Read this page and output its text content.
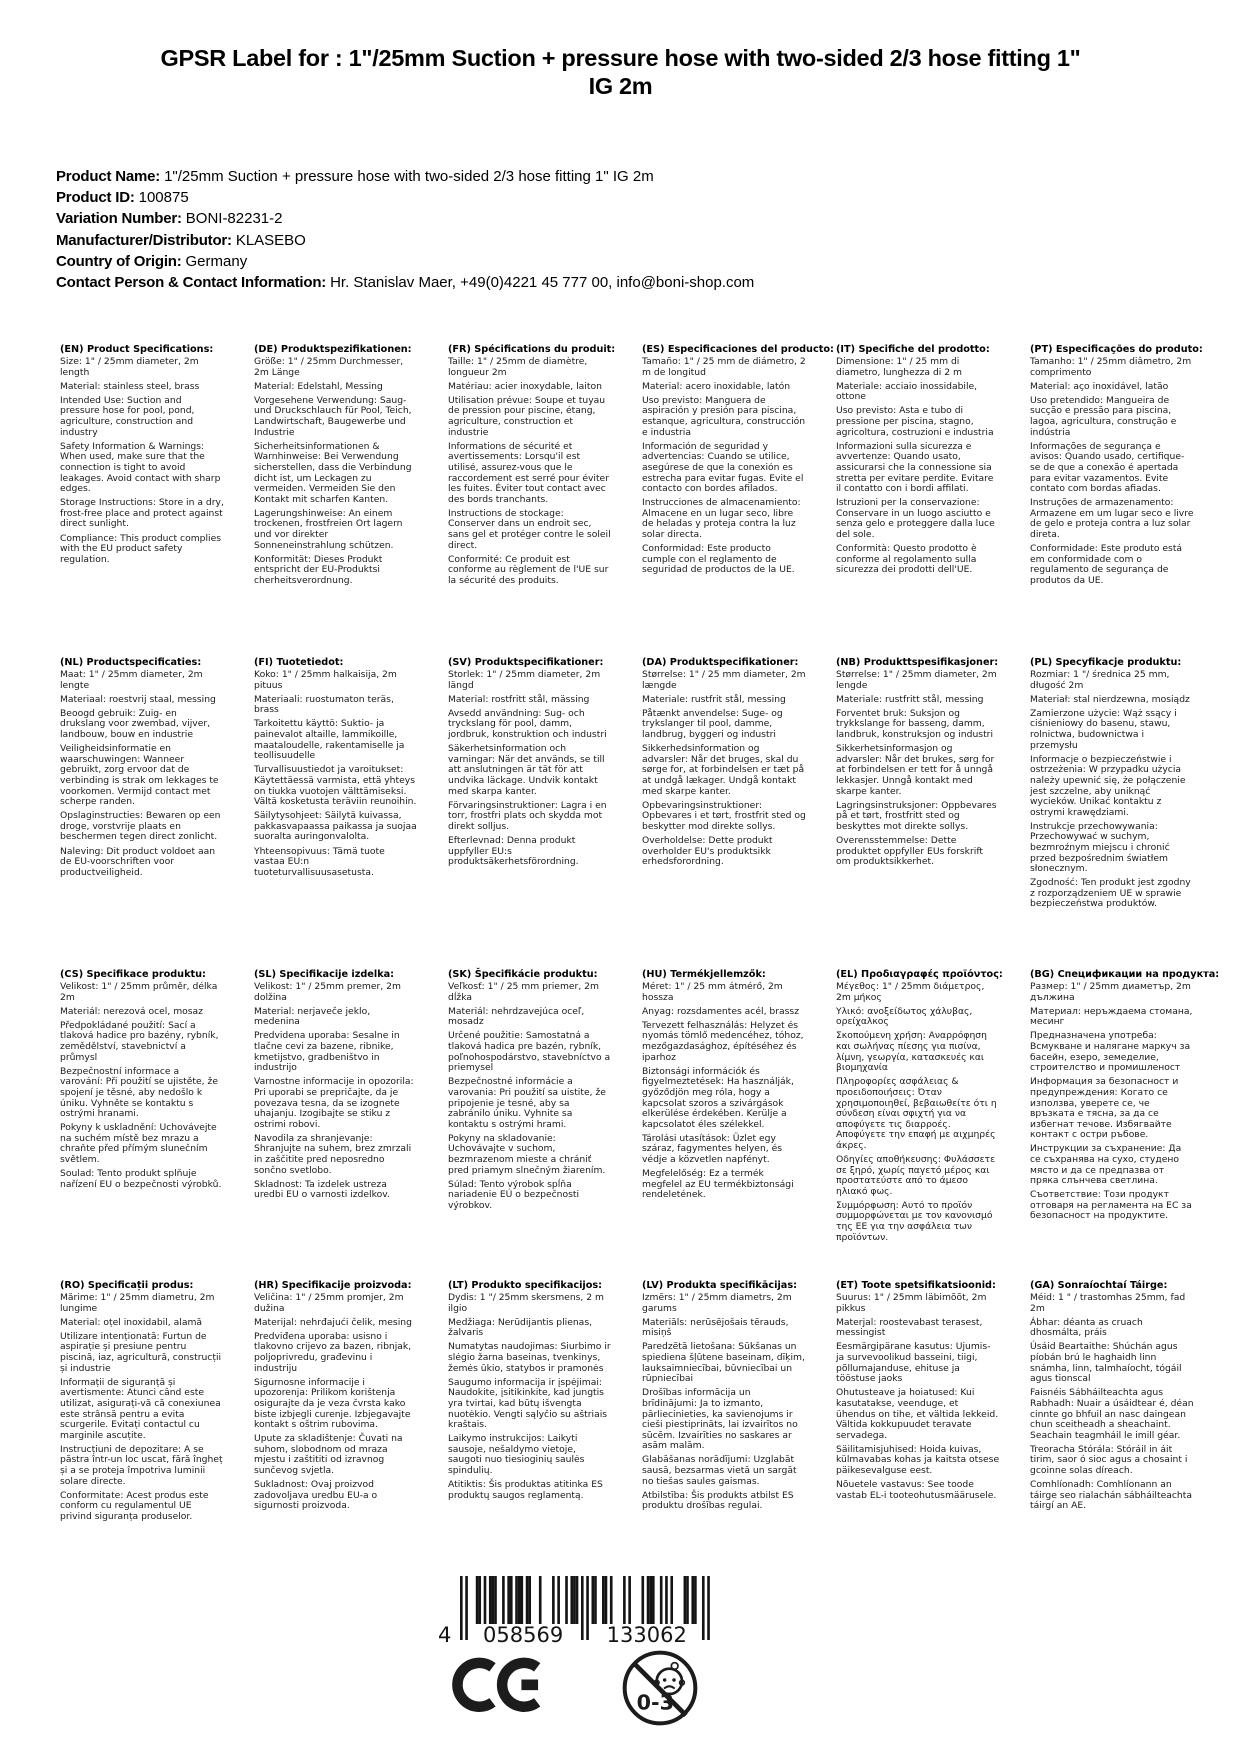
GPSR Label for : 1"/25mm Suction + pressure hose with two-sided 2/3 hose fitting 1" IG 2m
Product Name: 1"/25mm Suction + pressure hose with two-sided 2/3 hose fitting 1" IG 2m
Product ID: 100875
Variation Number: BONI-82231-2
Manufacturer/Distributor: KLASEBO
Country of Origin: Germany
Contact Person & Contact Information: Hr. Stanislav Maer, +49(0)4221 45 777 00, info@boni-shop.com
(EN) Product Specifications:

Size: 1" / 25mm diameter, 2m length

Material: stainless steel, brass

Intended Use: Suction and pressure hose for pool, pond, agriculture, construction and industry

Safety Information & Warnings: When used, make sure that the connection is tight to avoid leakages. Avoid contact with sharp edges.

Storage Instructions: Store in a dry, frost-free place and protect against direct sunlight.

Compliance: This product complies with the EU product safety regulation.

(DE) Produktspezifikationen:

Größe: 1" / 25mm Durchmesser, 2m Länge

Material: Edelstahl, Messing

Vorgesehene Verwendung: Saug- und Druckschlauch für Pool, Teich, Landwirtschaft, Baugewerbe und Industrie

Sicherheitsinformationen & Warnhinweise: Bei Verwendung sicherstellen, dass die Verbindung dicht ist, um Leckagen zu vermeiden. Vermeiden Sie den Kontakt mit scharfen Kanten.

Lagerungshinweise: An einem trockenen, frostfreien Ort lagern und vor direkter Sonneneinstrahlung schützen.

Konformität: Dieses Produkt entspricht der EU-Produktsi cherheitsverordnung.

(FR) Spécifications du produit:

Taille: 1" / 25mm de diamètre, longueur 2m

Matériau: acier inoxydable, laiton

Utilisation prévue: Soupe et tuyau de pression pour piscine, étang, agriculture, construction et industrie

Informations de sécurité et avertissements: Lorsqu'il est utilisé, assurez-vous que le raccordement est serré pour éviter les fuites. Éviter tout contact avec des bords tranchants.

Instructions de stockage: Conserver dans un endroit sec, sans gel et protéger contre le soleil direct.

Conformité: Ce produit est conforme au règlement de l'UE sur la sécurité des produits.

(ES) Especificaciones del producto:

Tamaño: 1" / 25 mm de diámetro, 2 m de longitud

Material: acero inoxidable, latón

Uso previsto: Manguera de aspiración y presión para piscina, estanque, agricultura, construcción e industria

Información de seguridad y advertencias: Cuando se utilice, asegúrese de que la conexión es estrecha para evitar fugas. Evite el contacto con bordes afilados.

Instrucciones de almacenamiento: Almacene en un lugar seco, libre de heladas y proteja contra la luz solar directa.

Conformidad: Este producto cumple con el reglamento de seguridad de productos de la UE.

(IT) Specifiche del prodotto:

Dimensione: 1" / 25 mm di diametro, lunghezza di 2 m

Materiale: acciaio inossidabile, ottone

Uso previsto: Asta e tubo di pressione per piscina, stagno, agricoltura, costruzioni e industria

Informazioni sulla sicurezza e avvertenze: Quando usato, assicurarsi che la connessione sia stretta per evitare perdite. Evitare il contatto con i bordi affilati.

Istruzioni per la conservazione: Conservare in un luogo asciutto e senza gelo e proteggere dalla luce del sole.

Conformità: Questo prodotto è conforme al regolamento sulla sicurezza dei prodotti dell'UE.

(PT) Especificações do produto:

Tamanho: 1" / 25mm diâmetro, 2m comprimento

Material: aço inoxidável, latão

Uso pretendido: Mangueira de sucção e pressão para piscina, lagoa, agricultura, construção e indústria

Informações de segurança e avisos: Quando usado, certifique-se de que a conexão é apertada para evitar vazamentos. Evite contato com bordas afiadas.

Instruções de armazenamento: Armazene em um lugar seco e livre de gelo e proteja contra a luz solar direta.

Conformidade: Este produto está em conformidade com o regulamento de segurança de produtos da UE.

(NL) Productspecificaties:

Maat: 1" / 25mm diameter, 2m lengte

Materiaal: roestvrij staal, messing

Beoogd gebruik: Zuig- en drukslang voor zwembad, vijver, landbouw, bouw en industrie

Veiligheidsinformatie en waarschuwingen: Wanneer gebruikt, zorg ervoor dat de verbinding is strak om lekkages te voorkomen. Vermijd contact met scherpe randen.

Opslaginstructies: Bewaren op een droge, vorstvrije plaats en beschermen tegen direct zonlicht.

Naleving: Dit product voldoet aan de EU-voorschriften voor productveiligheid.

(FI) Tuotetiedot:

Koko: 1" / 25mm halkaisija, 2m pituus

Materiaali: ruostumaton teräs, brass

Tarkoitettu käyttö: Suktio- ja painevalot altaille, lammikoille, maataloudelle, rakentamiselle ja teollisuudelle

Turvallisuustiedot ja varoitukset: Käytettäessä varmista, että yhteys on tiukka vuotojen välttämiseksi. Vältä kosketusta teräviin reunoihin.

Säilytysohjeet: Säilytä kuivassa, pakkasvapaassa paikassa ja suojaa suoralta auringonvalolta.

Yhteensopivuus: Tämä tuote vastaa EU:n tuoteturvallisuusasetusta.

(SV) Produktspecifikationer:

Storlek: 1" / 25mm diameter, 2m längd

Material: rostfritt stål, mässing

Avsedd användning: Sug- och tryckslang för pool, damm, jordbruk, konstruktion och industri

Säkerhetsinformation och varningar: När det används, se till att anslutningen är tät för att undvika läckage. Undvik kontakt med skarpa kanter.

Förvaringsinstruktioner: Lagra i en torr, frostfri plats och skydda mot direkt solljus.

Efterlevnad: Denna produkt uppfyller EU:s produktsäkerhetsförordning.

(DA) Produktspecifikationer:

Størrelse: 1" / 25 mm diameter, 2m længde

Materiale: rustfrit stål, messing

Påtænkt anvendelse: Suge- og trykslanger til pool, damme, landbrug, byggeri og industri

Sikkerhedsinformation og advarsler: Når det bruges, skal du sørge for, at forbindelsen er tæt på at undgå lækager. Undgå kontakt med skarpe kanter.

Opbevaringsinstruktioner: Opbevares i et tørt, frostfrit sted og beskytter mod direkte sollys.

Overholdelse: Dette produkt overholder EU's produktsikk erhedsforordning.

(NB) Produkttspesifikasjoner:

Størrelse: 1" / 25mm diameter, 2m lengde

Materiale: rustfritt stål, messing

Forventet bruk: Suksjon og trykkslange for basseng, damm, landbruk, konstruksjon og industri

Sikkerhetsinformasjon og advarsler: Når det brukes, sørg for at forbindelsen er tett for å unngå lekkasjer. Unngå kontakt med skarpe kanter.

Lagringsinstruksjoner: Oppbevares på et tørt, frostfritt sted og beskyttes mot direkte sollys.

Overensstemmelse: Dette produktet oppfyller EUs forskrift om produktsikkerhet.

(PL) Specyfikacje produktu:

Rozmiar: 1 "/ średnica 25 mm, długość 2m

Materiał: stal nierdzewna, mosiądz

Zamierzone użycie: Wąż ssący i ciśnieniowy do basenu, stawu, rolnictwa, budownictwa i przemysłu

Informacje o bezpieczeństwie i ostrzeżenia: W przypadku użycia należy upewnić się, że połączenie jest szczelne, aby uniknąć wycieków. Unikać kontaktu z ostrymi krawędziami.

Instrukcje przechowywania: Przechowywać w suchym, bezmroźnym miejscu i chronić przed bezpośrednim światłem słonecznym.

Zgodność: Ten produkt jest zgodny z rozporządzeniem UE w sprawie bezpieczeństwa produktów.

(CS) Specifikace produktu:

Velikost: 1" / 25mm průměr, délka 2m

Materiál: nerezová ocel, mosaz

Předpokládané použití: Sací a tlaková hadice pro bazény, rybník, zemědělství, stavebnictví a průmysl

Bezpečnostní informace a varování: Při použití se ujistěte, že spojení je těsné, aby nedošlo k úniku. Vyhněte se kontaktu s ostrými hranami.

Pokyny k uskladnění: Uchovávejte na suchém místě bez mrazu a chraňte před přímým slunečním světlem.

Soulad: Tento produkt splňuje nařízení EU o bezpečnosti výrobků.

(SL) Specifikacije izdelka:

Velikost: 1" / 25mm premer, 2m dolžina

Material: nerjaveče jeklo, medenina

Predvidena uporaba: Sesalne in tlačne cevi za bazene, ribnike, kmetijstvo, gradbeništvo in industrijo

Varnostne informacije in opozorila: Pri uporabi se prepričajte, da je povezava tesna, da se izognete uhajanju. Izogibajte se stiku z ostrimi robovi.

Navodila za shranjevanje: Shranjujte na suhem, brez zmrzali in zaščitite pred neposredno sončno svetlobo.

Skladnost: Ta izdelek ustreza uredbi EU o varnosti izdelkov.

(SK) Špecifikácie produktu:

Veľkosť: 1" / 25 mm priemer, 2m dĺžka

Materiál: nehrdzavejúca oceľ, mosadz

Určené použitie: Samostatná a tlaková hadica pre bazén, rybník, poľnohospodárstvo, stavebníctvo a priemysel

Bezpečnostné informácie a varovania: Pri použití sa uistite, že pripojenie je tesné, aby sa zabránilo úniku. Vyhnite sa kontaktu s ostrými hrami.

Pokyny na skladovanie: Uchovávajte v suchom, bezmrazenom mieste a chrániť pred priamym slnečným žiarením.

Súlad: Tento výrobok spĺňa nariadenie EÚ o bezpečnosti výrobkov.

(HU) Termékjellemzők:

Méret: 1" / 25 mm átmérő, 2m hossza

Anyag: rozsdamentes acél, brassz

Tervezett felhasználás: Helyzet és nyomás tömlő medencéhez, tóhoz, mezőgazdasághoz, építéséhez és iparhoz

Biztonsági információk és figyelmeztetések: Ha használják, győződjön meg róla, hogy a kapcsolat szoros a szivárgások elkerülése érdekében. Kerülje a kapcsolatot éles szélekkel.

Tárolási utasítások: Üzlet egy száraz, fagymentes helyen, és védje a közvetlen napfényt.

Megfelelőség: Ez a termék megfelel az EU termékbiztonsági rendeletének.

(EL) Προδιαγραφές προϊόντος:

Μέγεθος: 1" / 25mm διάμετρος, 2m μήκος

Υλικό: ανοξείδωτος χάλυβας, ορείχαλκος

Σκοπούμενη χρήση: Αναρρόφηση και σωλήνας πίεσης για πισίνα, λίμνη, γεωργία, κατασκευές και βιομηχανία

Πληροφορίες ασφάλειας & προειδοποιήσεις: Όταν χρησιμοποιηθεί, βεβαιωθείτε ότι η σύνδεση είναι σφιχτή για να αποφύγετε τις διαρροές. Αποφύγετε την επαφή με αιχμηρές άκρες.

Οδηγίες αποθήκευσης: Φυλάσσετε σε ξηρό, χωρίς παγετό μέρος και προστατεύστε από το άμεσο ηλιακό φως.

Συμμόρφωση: Αυτό το προϊόν συμμορφώνεται με τον κανονισμό της ΕΕ για την ασφάλεια των προϊόντων.

(BG) Спецификации на продукта:

Размер: 1" / 25mm диаметър, 2m дължина

Материал: неръждаема стомана, месинг

Предназначена употреба: Всмукване и налягане маркуч за басейн, езеро, земеделие, строителство и промишленост

Информация за безопасност и предупреждения: Когато се използва, уверете се, че връзката е тясна, за да се избегнат течове. Избягвайте контакт с остри ръбове.

Инструкции за съхранение: Да се съхранява на сухо, студено място и да се предпазва от пряка слънчева светлина.

Съответствие: Този продукт отговаря на регламента на ЕС за безопасност на продуктите.

(RO) Specificații produs:

Mărime: 1" / 25mm diametru, 2m lungime

Material: oțel inoxidabil, alamă

Utilizare intenționată: Furtun de aspirație și presiune pentru piscină, iaz, agricultură, construcții și industrie

Informații de siguranță și avertismente: Atunci când este utilizat, asigurați-vă că conexiunea este strânsă pentru a evita scurgerile. Evitați contactul cu marginile ascuțite.

Instrucțiuni de depozitare: A se păstra într-un loc uscat, fără îngheț și a se proteja împotriva luminii solare directe.

Conformitate: Acest produs este conform cu regulamentul UE privind siguranța produselor.

(HR) Specifikacije proizvoda:

Veličina: 1" / 25mm promjer, 2m dužina

Materijal: nehrđajući čelik, mesing

Predviđena uporaba: usisno i tlakovno crijevo za bazen, ribnjak, poljoprivredu, građevinu i industriju

Sigurnosne informacije i upozorenja: Prilikom korištenja osigurajte da je veza čvrsta kako biste izbjegli curenje. Izbjegavajte kontakt s oštrim rubovima.

Upute za skladištenje: Čuvati na suhom, slobodnom od mraza mjestu i zaštititi od izravnog sunčevog svjetla.

Sukladnost: Ovaj proizvod zadovoljava uredbu EU-a o sigurnosti proizvoda.

(LT) Produkto specifikacijos:

Dydis: 1 "/ 25mm skersmens, 2 m ilgio

Medžiaga: Nerūdijantis plienas, žalvaris

Numatytas naudojimas: Siurbimo ir slėgio žarna baseinas, tvenkinys, žemės ūkio, statybos ir pramonės

Saugumo informacija ir įspėjimai: Naudokite, įsitikinkite, kad jungtis yra tvirtai, kad būtų išvengta nuotėkio. Vengti sąlyčio su aštriais kraštais.

Laikymo instrukcijos: Laikyti sausoje, nešaldymo vietoje, saugoti nuo tiesioginių saulės spindulių.

Atitiktis: Šis produktas atitinka ES produktų saugos reglamentą.

(LV) Produkta specifikācijas:

Izmērs: 1" / 25mm diametrs, 2m garums

Materiāls: nerūsējošais tērauds, misiņš

Paredzētā lietošana: Sūkšanas un spiediena šļūtene baseinam, dīķim, lauksaimniecībai, būvniecībai un rūpniecībai

Drošības informācija un brīdinājumi: Ja to izmanto, pārliecinieties, ka savienojums ir cieši piestiprināts, lai izvairītos no sūcēm. Izvairīties no saskares ar asām malām.

Glabāšanas norādījumi: Uzglabāt sausā, bezsarmas vietā un sargāt no tiešas saules gaismas.

Atbilstība: Šis produkts atbilst ES produktu drošības regulai.

(ET) Toote spetsifikatsioonid:

Suurus: 1" / 25mm läbimõõt, 2m pikkus

Materjal: roostevabast terasest, messingist

Eesmärgipärane kasutus: Ujumis- ja survevoolikud basseini, tiigi, põllumajanduse, ehituse ja tööstuse jaoks

Ohutusteave ja hoiatused: Kui kasutatakse, veenduge, et ühendus on tihe, et vältida lekkeid. Vältida kokkupuudet teravate servadega.

Säilitamisjuhised: Hoida kuivas, külmavabas kohas ja kaitsta otsese päikesevalguse eest.

Nõuetele vastavus: See toode vastab EL-i tooteohutusmäärusele.

(GA) Sonraíochtaí Táirge:

Méid: 1 " / trastomhas 25mm, fad 2m

Ábhar: déanta as cruach dhosmálta, práis

Úsáid Beartaithe: Shúchán agus píobán brú le haghaidh linn snámha, linn, talmhaíocht, tógáil agus tionscal

Faisnéis Sábháilteachta agus Rabhadh: Nuair a úsáidtear é, déan cinnte go bhfuil an nasc daingean chun sceitheadh a sheachaint. Seachain teagmháil le imill géar.

Treoracha Stórála: Stóráil in áit tirim, saor ó sioc agus a chosaint i gcoinne solas díreach.

Comhlíonadh: Comhlíonann an táirge seo rialachán sábháilteachta táirgí an AE.

4 058569 133062
0-3
